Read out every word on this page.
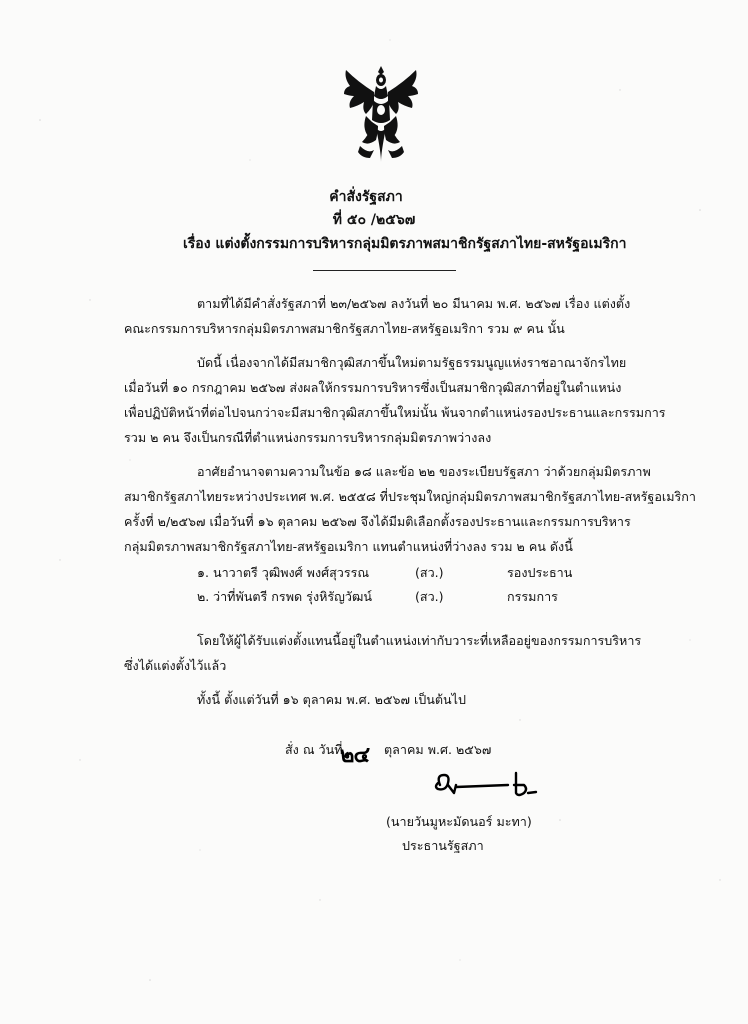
คำสั่งรัฐสภา
ที่ ๕๐ /๒๕๖๗
เรื่อง แต่งตั้งกรรมการบริหารกลุ่มมิตรภาพสมาชิกรัฐสภาไทย-สหรัฐอเมริกา
ตามที่ได้มีคำสั่งรัฐสภาที่ ๒๓/๒๕๖๗ ลงวันที่ ๒๐ มีนาคม พ.ศ. ๒๕๖๗ เรื่อง แต่งตั้ง
คณะกรรมการบริหารกลุ่มมิตรภาพสมาชิกรัฐสภาไทย-สหรัฐอเมริกา รวม ๙ คน นั้น
บัดนี้ เนื่องจากได้มีสมาชิกวุฒิสภาขึ้นใหม่ตามรัฐธรรมนูญแห่งราชอาณาจักรไทย
เมื่อวันที่ ๑๐ กรกฎาคม ๒๕๖๗ ส่งผลให้กรรมการบริหารซึ่งเป็นสมาชิกวุฒิสภาที่อยู่ในตำแหน่ง
เพื่อปฏิบัติหน้าที่ต่อไปจนกว่าจะมีสมาชิกวุฒิสภาขึ้นใหม่นั้น พ้นจากตำแหน่งรองประธานและกรรมการ
รวม ๒ คน จึงเป็นกรณีที่ตำแหน่งกรรมการบริหารกลุ่มมิตรภาพว่างลง
อาศัยอำนาจตามความในข้อ ๑๘ และข้อ ๒๒ ของระเบียบรัฐสภา ว่าด้วยกลุ่มมิตรภาพ
สมาชิกรัฐสภาไทยระหว่างประเทศ พ.ศ. ๒๕๕๘ ที่ประชุมใหญ่กลุ่มมิตรภาพสมาชิกรัฐสภาไทย-สหรัฐอเมริกา
ครั้งที่ ๒/๒๕๖๗ เมื่อวันที่ ๑๖ ตุลาคม ๒๕๖๗ จึงได้มีมติเลือกตั้งรองประธานและกรรมการบริหาร
กลุ่มมิตรภาพสมาชิกรัฐสภาไทย-สหรัฐอเมริกา แทนตำแหน่งที่ว่างลง รวม ๒ คน ดังนี้
๑. นาวาตรี วุฒิพงศ์ พงศ์สุวรรณ	(สว.)	รองประธาน
๒. ว่าที่พันตรี กรพด รุ่งหิรัญวัฒน์	(สว.)	กรรมการ
โดยให้ผู้ได้รับแต่งตั้งแทนนี้อยู่ในตำแหน่งเท่ากับวาระที่เหลืออยู่ของกรรมการบริหาร
ซึ่งได้แต่งตั้งไว้แล้ว
ทั้งนี้ ตั้งแต่วันที่ ๑๖ ตุลาคม พ.ศ. ๒๕๖๗ เป็นต้นไป
สั่ง ณ วันที่
๒๔ ตุลาคม พ.ศ. ๒๕๖๗
(นายวันมูหะมัดนอร์ มะทา)
ประธานรัฐสภา
